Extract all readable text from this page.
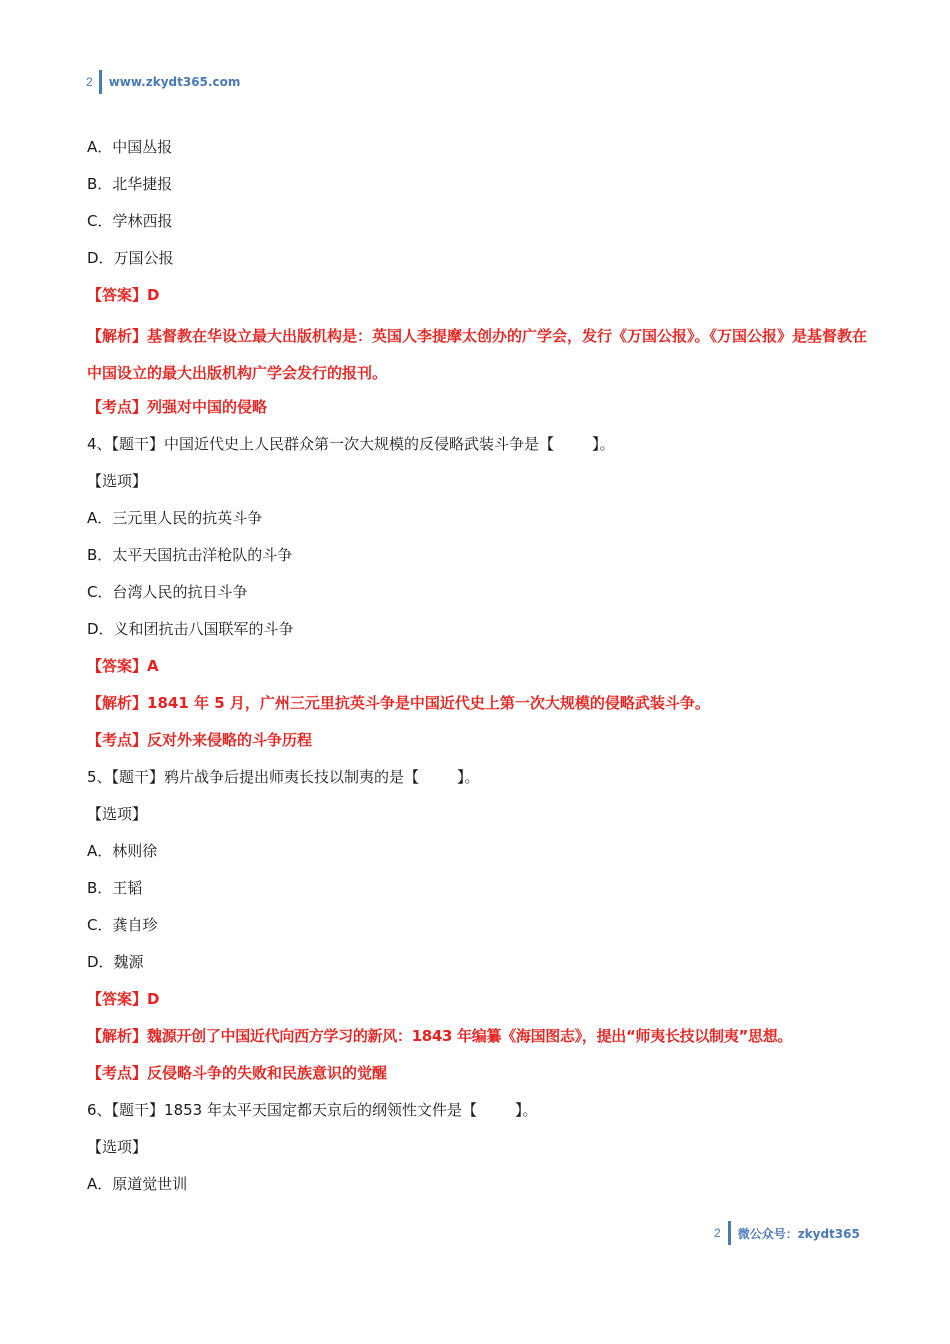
2 www.zkydt365.com
A．中国丛报
B．北华捷报
C．学林西报
D．万国公报
【答案】D
【解析】基督教在华设立最大出版机构是：英国人李提摩太创办的广学会，发行《万国公报》。《万国公报》是基督教在中国设立的最大出版机构广学会发行的报刊。
【考点】列强对中国的侵略
4、【题干】中国近代史上人民群众第一次大规模的反侵略武装斗争是【	】。
【选项】
A．三元里人民的抗英斗争
B．太平天国抗击洋枪队的斗争
C．台湾人民的抗日斗争
D．义和团抗击八国联军的斗争
【答案】A
【解析】1841 年 5 月，广州三元里抗英斗争是中国近代史上第一次大规模的侵略武装斗争。
【考点】反对外来侵略的斗争历程
5、【题干】鸦片战争后提出师夷长技以制夷的是【	】。
【选项】
A．林则徐
B．王韬
C．龚自珍
D．魏源
【答案】D
【解析】魏源开创了中国近代向西方学习的新风：1843 年编纂《海国图志》，提出“师夷长技以制夷”思想。
【考点】反侵略斗争的失败和民族意识的觉醒
6、【题干】1853 年太平天国定都天京后的纲领性文件是【	】。
【选项】
A．原道觉世训
2 微公众号：zkydt365
